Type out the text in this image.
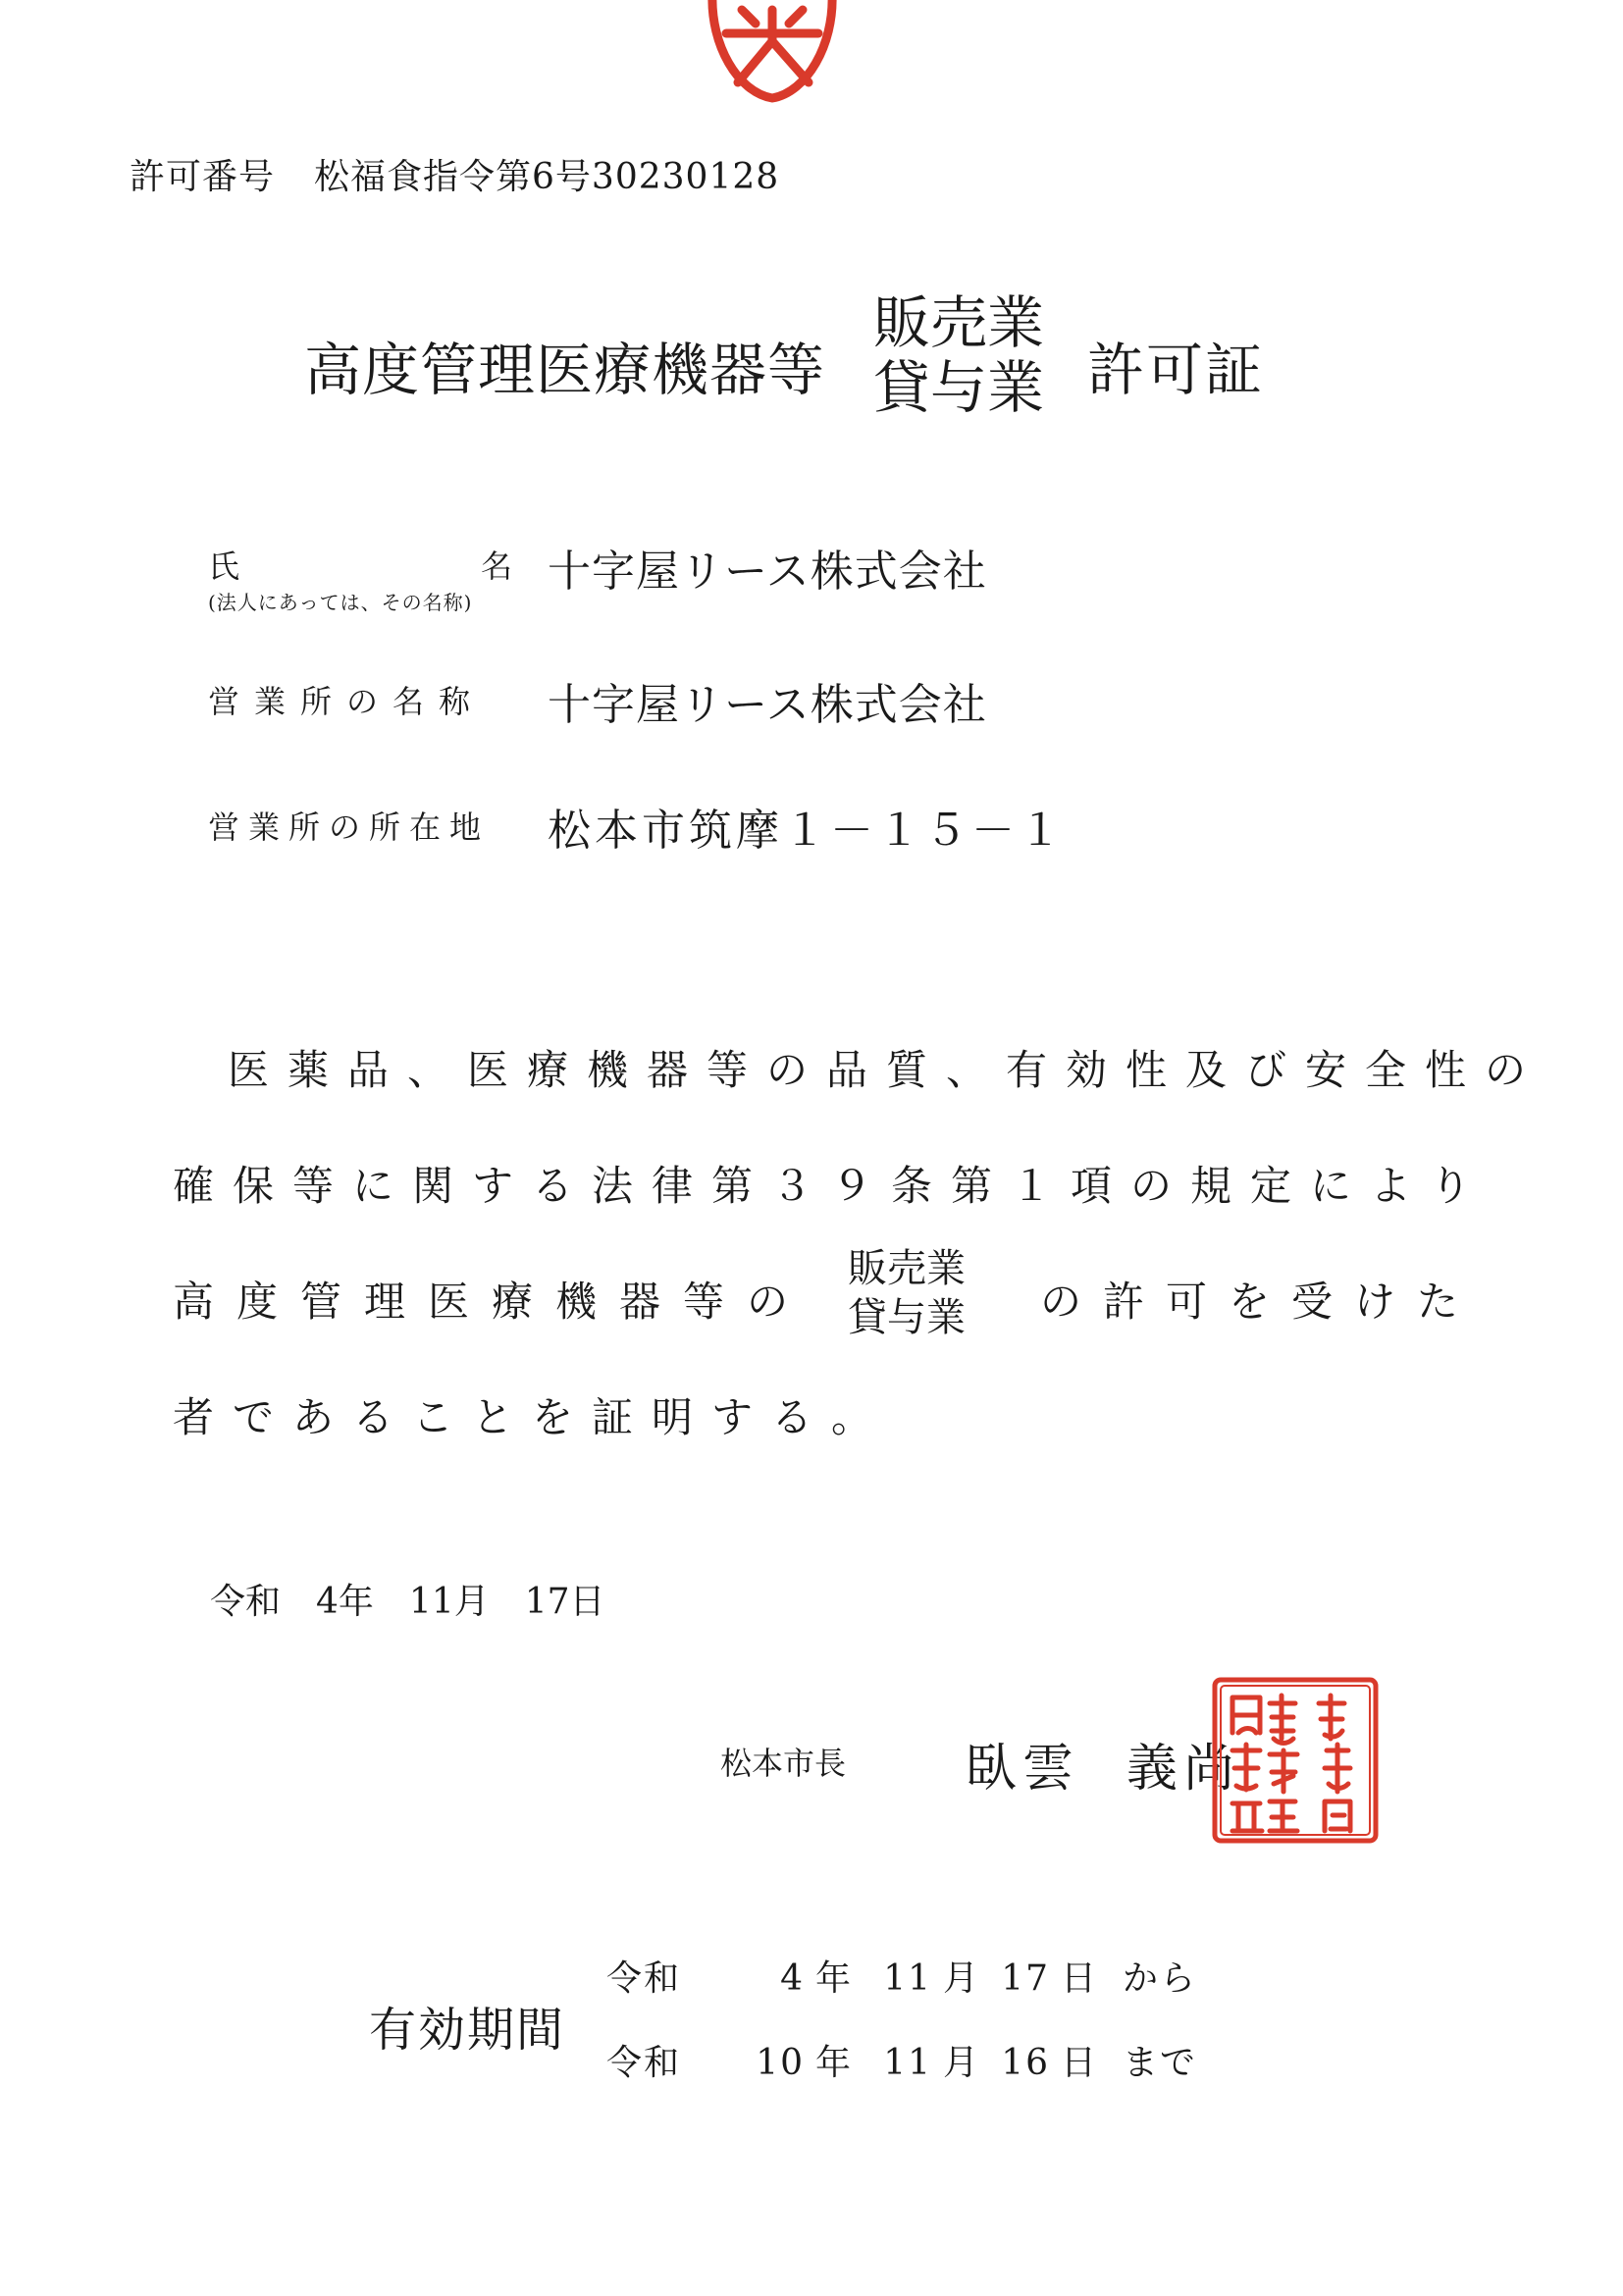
許可番号 松福食指令第6号30230128
高度管理医療機器等
販売業
貸与業 許可証
氏	名
(法人にあっては、その名称)
十字屋リース株式会社
営業所の名称 十字屋リース株式会社
営業所の所在地 松本市筑摩１－１５－１
医薬品、医療機器等の品質、有効性及び安全性の
確保等に関する法律第３９条第１項の規定により
高度管理医療機器等の
販売業
貸与業 の許可を受けた
者であることを証明する。
令和 4年 11月 17日
松本市長 臥雲 義尚
有効期間
令和	4 年 11 月 17 日 から
令和 10 年 11 月 16 日 まで
